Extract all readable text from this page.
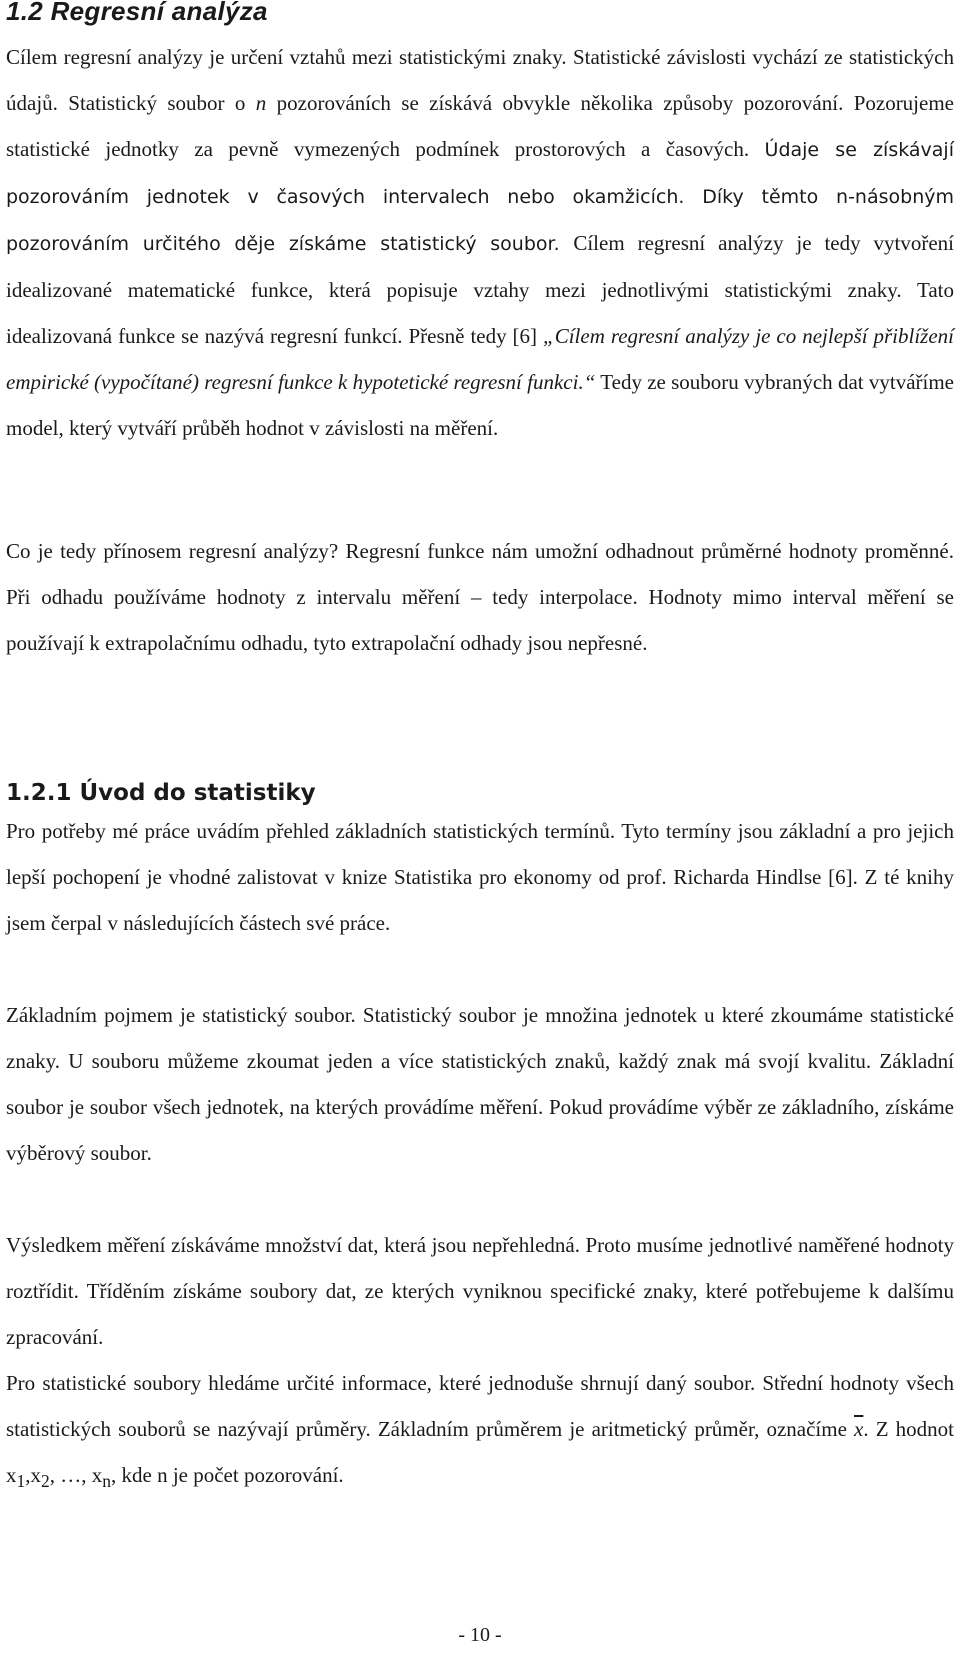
1.2 Regresní analýza

Cílem regresní analýzy je určení vztahů mezi statistickými znaky. Statistické závislosti vychází ze statistických údajů. Statistický soubor o n pozorováních se získává obvykle několika způsoby pozorování. Pozorujeme statistické jednotky za pevně vymezených podmínek prostorových a časových. Údaje se získávají pozorováním jednotek v časových intervalech nebo okamžicích. Díky těmto n-násobným pozorováním určitého děje získáme statistický soubor. Cílem regresní analýzy je tedy vytvoření idealizované matematické funkce, která popisuje vztahy mezi jednotlivými statistickými znaky. Tato idealizovaná funkce se nazývá regresní funkcí. Přesně tedy [6] „Cílem regresní analýzy je co nejlepší přiblížení empirické (vypočítané) regresní funkce k hypotetické regresní funkci.“ Tedy ze souboru vybraných dat vytváříme model, který vytváří průběh hodnot v závislosti na měření.

Co je tedy přínosem regresní analýzy? Regresní funkce nám umožní odhadnout průměrné hodnoty proměnné. Při odhadu používáme hodnoty z intervalu měření – tedy interpolace. Hodnoty mimo interval měření se používají k extrapolačnímu odhadu, tyto extrapolační odhady jsou nepřesné.

1.2.1 Úvod do statistiky

Pro potřeby mé práce uvádím přehled základních statistických termínů. Tyto termíny jsou základní a pro jejich lepší pochopení je vhodné zalistovat v knize Statistika pro ekonomy od prof. Richarda Hindlse [6]. Z té knihy jsem čerpal v následujících částech své práce.

Základním pojmem je statistický soubor. Statistický soubor je množina jednotek u které zkoumáme statistické znaky. U souboru můžeme zkoumat jeden a více statistických znaků, každý znak má svojí kvalitu. Základní soubor je soubor všech jednotek, na kterých provádíme měření. Pokud provádíme výběr ze základního, získáme výběrový soubor.

Výsledkem měření získáváme množství dat, která jsou nepřehledná. Proto musíme jednotlivé naměřené hodnoty roztřídit. Tříděním získáme soubory dat, ze kterých vyniknou specifické znaky, které potřebujeme k dalšímu zpracování.

Pro statistické soubory hledáme určité informace, které jednoduše shrnují daný soubor. Střední hodnoty všech statistických souborů se nazývají průměry. Základním průměrem je aritmetický průměr, označíme $\overline{x}$. Z hodnot $x_1,x_2$, …, $x_n$, kde n je počet pozorování.

- 10 -
